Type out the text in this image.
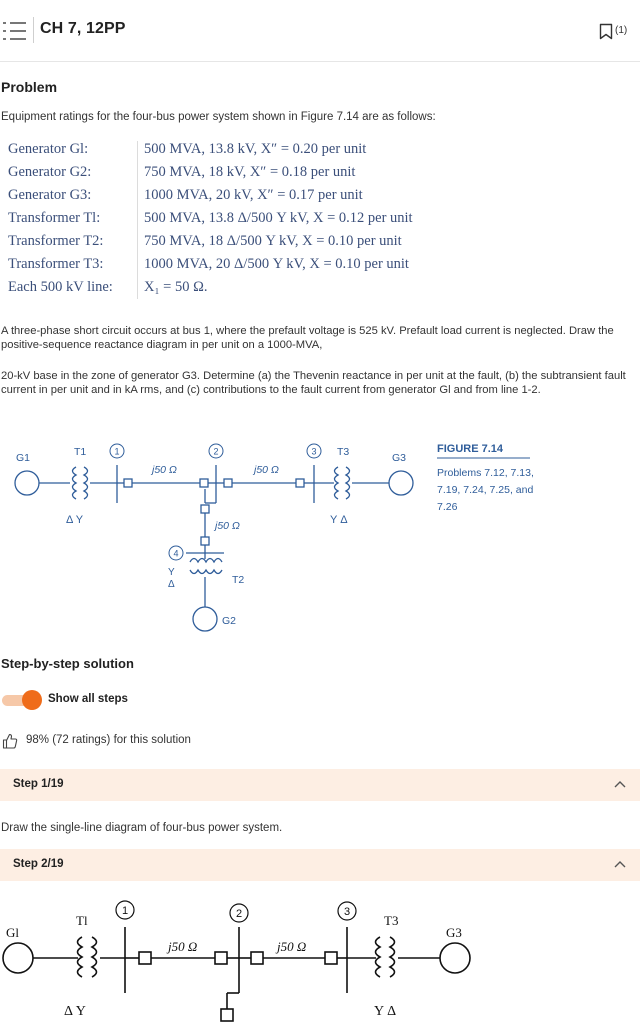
CH 7, 12PP	(1)
Problem
Equipment ratings for the four-bus power system shown in Figure 7.14 are as follows:
Generator Gl:	500 MVA, 13.8 kV, X″ = 0.20 per unit
Generator G2:	750 MVA, 18 kV, X″ = 0.18 per unit
Generator G3:	1000 MVA, 20 kV, X″ = 0.17 per unit
Transformer Tl:	500 MVA, 13.8 Δ/500 Y kV, X = 0.12 per unit
Transformer T2:	750 MVA, 18 Δ/500 Y kV, X = 0.10 per unit
Transformer T3:	1000 MVA, 20 Δ/500 Y kV, X = 0.10 per unit
Each 500 kV line: X₁ = 50 Ω.
A three-phase short circuit occurs at bus 1, where the prefault voltage is 525 kV. Prefault load current is neglected. Draw the positive-sequence reactance diagram in per unit on a 1000-MVA,
20-kV base in the zone of generator G3. Determine (a) the Thevenin reactance in per unit at the fault, (b) the subtransient fault current in per unit and in kA rms, and (c) contributions to the fault current from generator Gl and from line 1-2.
G1	T1
Δ Y
j50 Ω	j50 Ω
j50 Ω
T3
Y Δ
G3
T2
Y
Δ
G2
1	2	3
4
FIGURE 7.14
Problems 7.12, 7.13,
7.19, 7.24, 7.25, and
7.26
Step-by-step solution
Show all steps
98% (72 ratings) for this solution
Step 1/19
Draw the single-line diagram of four-bus power system.
Step 2/19
Gl
Tl
Δ Y
j50 Ω	j50 Ω
T3
Y Δ
G3
1	2	3
